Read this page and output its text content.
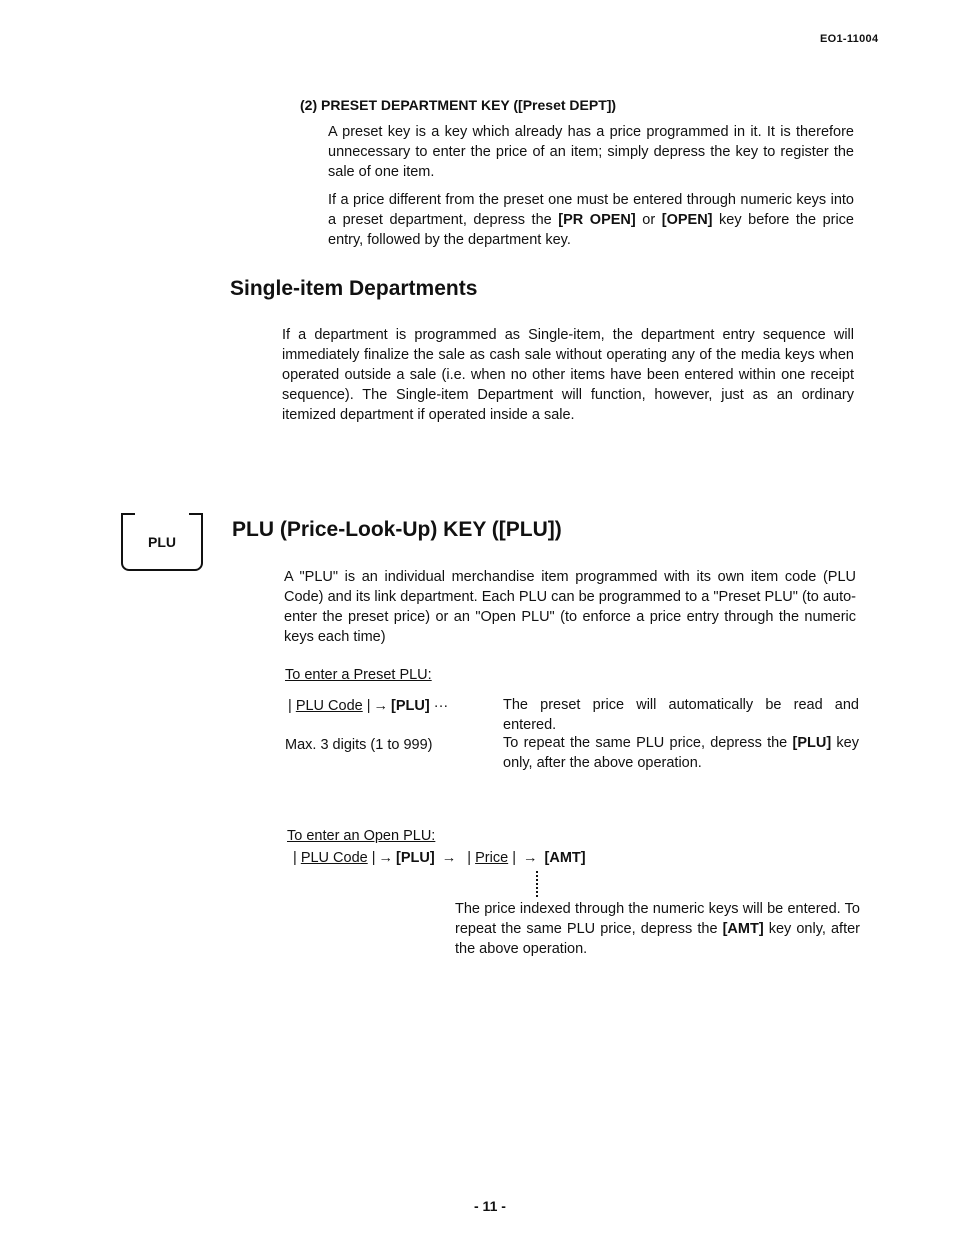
EO1-11004
(2) PRESET DEPARTMENT KEY ([Preset DEPT])
A preset key is a key which already has a price programmed in it. It is therefore unnecessary to enter the price of an item; simply depress the key to register the sale of one item.
If a price different from the preset one must be entered through numeric keys into a preset department, depress the [PR OPEN] or [OPEN] key before the price entry, followed by the department key.
Single-item Departments
If a department is programmed as Single-item, the department entry sequence will immediately finalize the sale as cash sale without operating any of the media keys when operated outside a sale (i.e. when no other items have been entered within one receipt sequence). The Single-item Department will function, however, just as an ordinary itemized department if operated inside a sale.
PLU
PLU (Price-Look-Up) KEY ([PLU])
A "PLU" is an individual merchandise item programmed with its own item code (PLU Code) and its link department. Each PLU can be programmed to a "Preset PLU" (to auto-enter the preset price) or an "Open PLU" (to enforce a price entry through the numeric keys each time)
To enter a Preset PLU:
| PLU Code | → [PLU] ···	The preset price will automatically be read and entered.
Max. 3 digits (1 to 999)	To repeat the same PLU price, depress the [PLU] key only, after the above operation.
To enter an Open PLU:
| PLU Code | → [PLU] → | Price | → [AMT]
The price indexed through the numeric keys will be entered. To repeat the same PLU price, depress the [AMT] key only, after the above operation.
- 11 -
